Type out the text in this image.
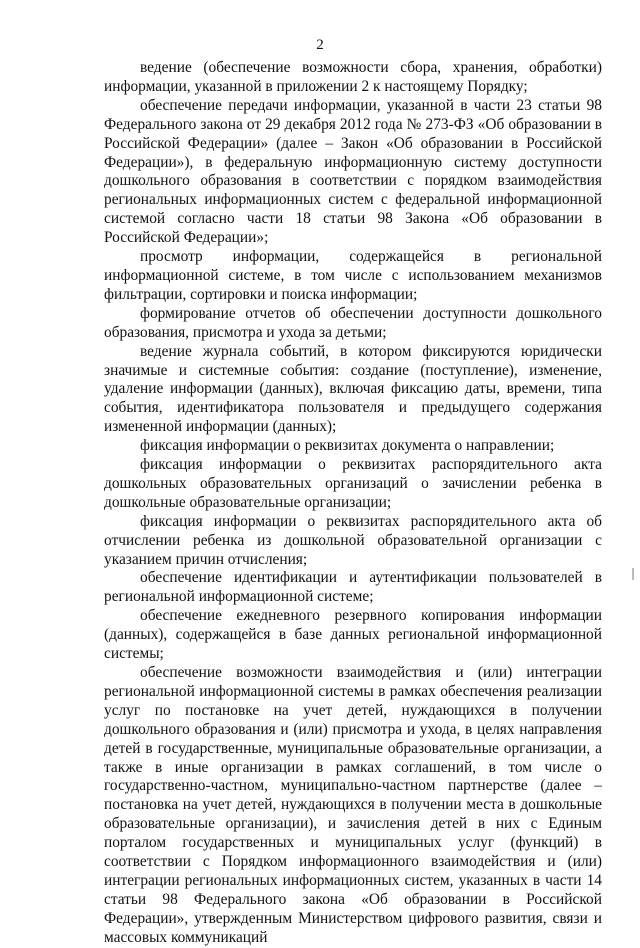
2

ведение (обеспечение возможности сбора, хранения, обработки) информации, указанной в приложении 2 к настоящему Порядку;

обеспечение передачи информации, указанной в части 23 статьи 98 Федерального закона от 29 декабря 2012 года № 273-ФЗ «Об образовании в Российской Федерации» (далее – Закон «Об образовании в Российской Федерации»), в федеральную информационную систему доступности дошкольного образования в соответствии с порядком взаимодействия региональных информационных систем с федеральной информационной системой согласно части 18 статьи 98 Закона «Об образовании в Российской Федерации»;

просмотр информации, содержащейся в региональной информационной системе, в том числе с использованием механизмов фильтрации, сортировки и поиска информации;

формирование отчетов об обеспечении доступности дошкольного образования, присмотра и ухода за детьми;

ведение журнала событий, в котором фиксируются юридически значимые и системные события: создание (поступление), изменение, удаление информации (данных), включая фиксацию даты, времени, типа события, идентификатора пользователя и предыдущего содержания измененной информации (данных);

фиксация информации о реквизитах документа о направлении;

фиксация информации о реквизитах распорядительного акта дошкольных образовательных организаций о зачислении ребенка в дошкольные образовательные организации;

фиксация информации о реквизитах распорядительного акта об отчислении ребенка из дошкольной образовательной организации с указанием причин отчисления;

обеспечение идентификации и аутентификации пользователей в региональной информационной системе;

обеспечение ежедневного резервного копирования информации (данных), содержащейся в базе данных региональной информационной системы;

обеспечение возможности взаимодействия и (или) интеграции региональной информационной системы в рамках обеспечения реализации услуг по постановке на учет детей, нуждающихся в получении дошкольного образования и (или) присмотра и ухода, в целях направления детей в государственные, муниципальные образовательные организации, а также в иные организации в рамках соглашений, в том числе о государственно-частном, муниципально-частном партнерстве (далее – постановка на учет детей, нуждающихся в получении места в дошкольные образовательные организации), и зачисления детей в них с Единым порталом государственных и муниципальных услуг (функций) в соответствии с Порядком информационного взаимодействия и (или) интеграции региональных информационных систем, указанных в части 14 статьи 98 Федерального закона «Об образовании в Российской Федерации», утвержденным Министерством цифрового развития, связи и массовых коммуникаций
